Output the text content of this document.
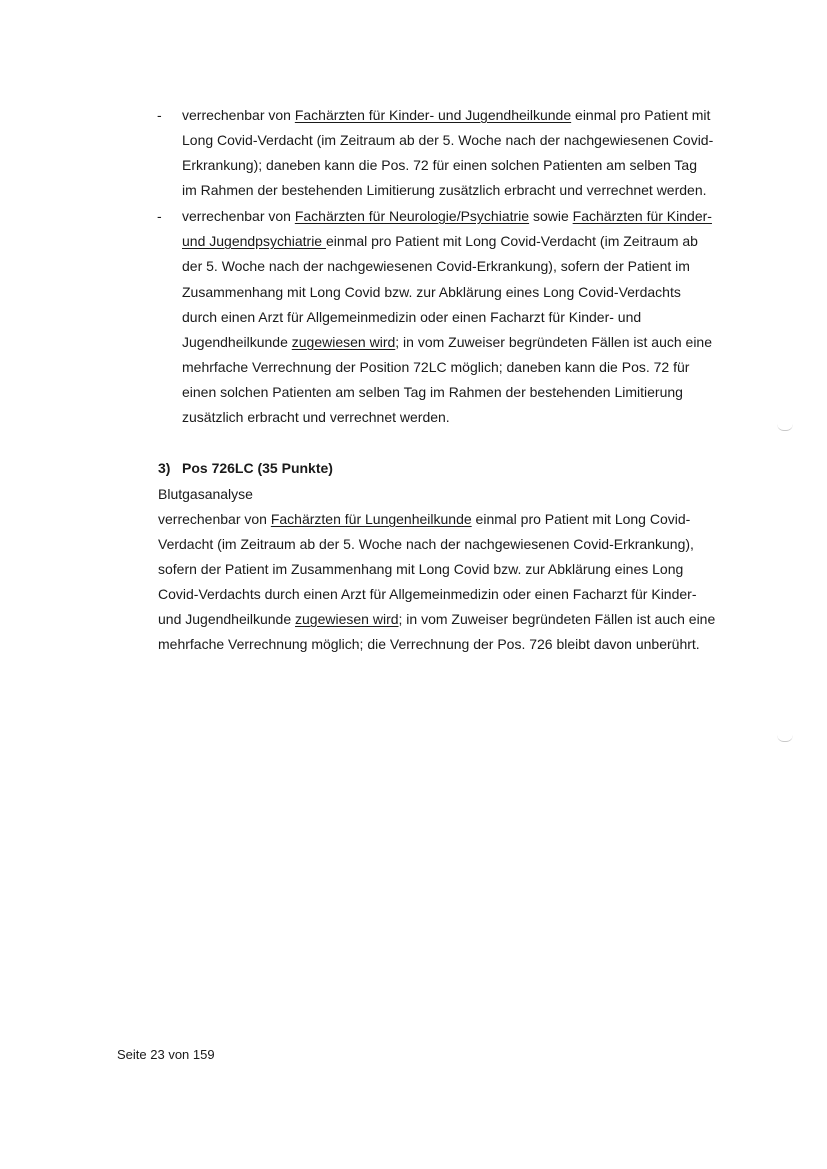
- verrechenbar von Fachärzten für Kinder- und Jugendheilkunde einmal pro Patient mit
Long Covid-Verdacht (im Zeitraum ab der 5. Woche nach der nachgewiesenen Covid-
Erkrankung); daneben kann die Pos. 72 für einen solchen Patienten am selben Tag
im Rahmen der bestehenden Limitierung zusätzlich erbracht und verrechnet werden.
- verrechenbar von Fachärzten für Neurologie/Psychiatrie sowie Fachärzten für Kinder-
und Jugendpsychiatrie einmal pro Patient mit Long Covid-Verdacht (im Zeitraum ab
der 5. Woche nach der nachgewiesenen Covid-Erkrankung), sofern der Patient im
Zusammenhang mit Long Covid bzw. zur Abklärung eines Long Covid-Verdachts
durch einen Arzt für Allgemeinmedizin oder einen Facharzt für Kinder- und
Jugendheilkunde zugewiesen wird; in vom Zuweiser begründeten Fällen ist auch eine
mehrfache Verrechnung der Position 72LC möglich; daneben kann die Pos. 72 für
einen solchen Patienten am selben Tag im Rahmen der bestehenden Limitierung
zusätzlich erbracht und verrechnet werden.
3) Pos 726LC (35 Punkte)
Blutgasanalyse
verrechenbar von Fachärzten für Lungenheilkunde einmal pro Patient mit Long Covid-
Verdacht (im Zeitraum ab der 5. Woche nach der nachgewiesenen Covid-Erkrankung),
sofern der Patient im Zusammenhang mit Long Covid bzw. zur Abklärung eines Long
Covid-Verdachts durch einen Arzt für Allgemeinmedizin oder einen Facharzt für Kinder-
und Jugendheilkunde zugewiesen wird; in vom Zuweiser begründeten Fällen ist auch eine
mehrfache Verrechnung möglich; die Verrechnung der Pos. 726 bleibt davon unberührt.
Seite 23 von 159
